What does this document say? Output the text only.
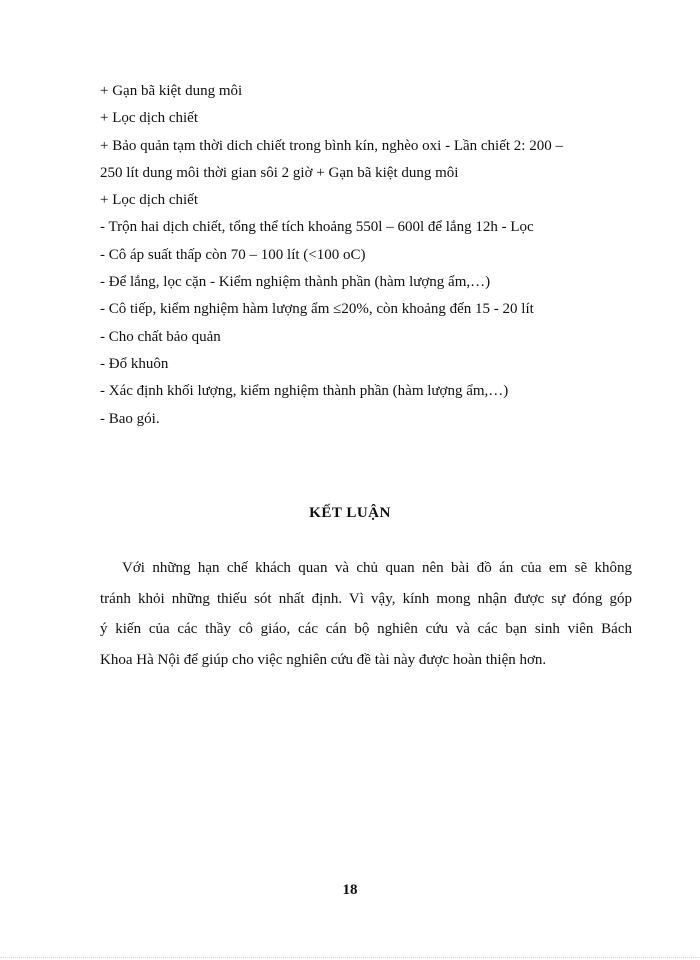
+ Gạn bã kiệt dung môi
+ Lọc dịch chiết
+ Bảo quản tạm thời dich chiết trong bình kín, nghèo oxi - Lần chiết 2: 200 –
250 lít dung môi thời gian sôi 2 giờ + Gạn bã kiệt dung môi
+ Lọc dịch chiết
- Trộn hai dịch chiết, tổng thể tích khoảng 550l – 600l để lắng 12h - Lọc
- Cô áp suất thấp còn 70 – 100 lít (<100 oC)
- Để lắng, lọc cặn - Kiểm nghiệm thành phần (hàm lượng ẩm,…)
- Cô tiếp, kiểm nghiệm hàm lượng ẩm ≤20%, còn khoảng đến 15 - 20 lít
- Cho chất bảo quản
- Đổ khuôn
- Xác định khối lượng, kiểm nghiệm thành phần (hàm lượng ẩm,…)
- Bao gói.
KẾT LUẬN
Với những hạn chế khách quan và chủ quan nên bài đồ án của em sẽ không
tránh khỏi những thiếu sót nhất định. Vì vậy, kính mong nhận được sự đóng góp
ý kiến của các thầy cô giáo, các cán bộ nghiên cứu và các bạn sinh viên Bách
Khoa Hà Nội để giúp cho việc nghiên cứu đề tài này được hoàn thiện hơn.
18
